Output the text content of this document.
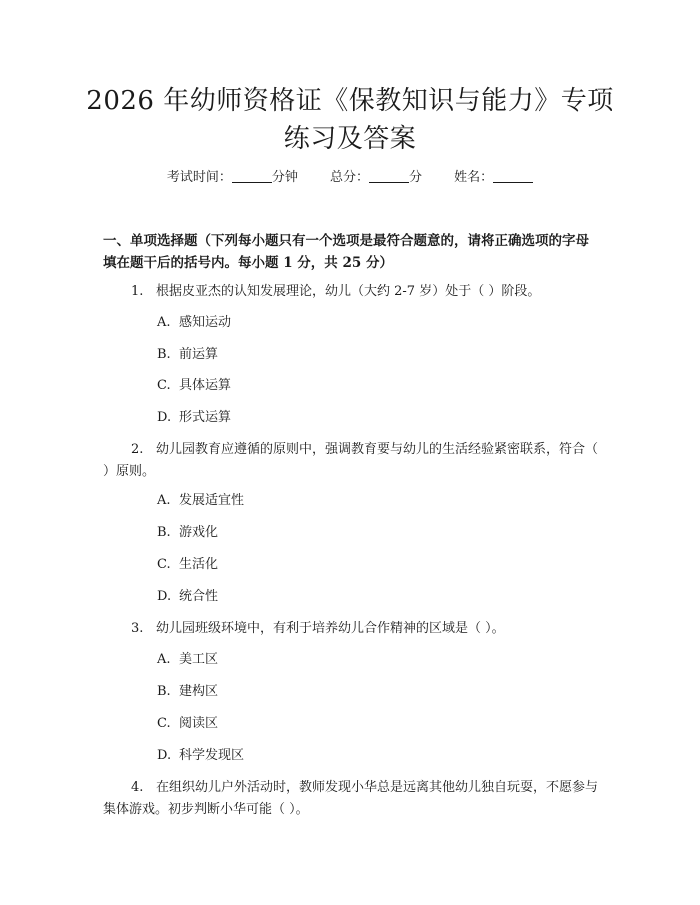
2026 年幼师资格证《保教知识与能力》专项
练习及答案
考试时间：	分钟 总分：	分 姓名：
一、单项选择题（下列每小题只有一个选项是最符合题意的，请将正确选项的字母填在题干后的括号内。每小题 1 分，共 25 分）
1. 根据皮亚杰的认知发展理论，幼儿（大约 2-7 岁）处于（ ）阶段。
A. 感知运动
B. 前运算
C. 具体运算
D. 形式运算
2. 幼儿园教育应遵循的原则中，强调教育要与幼儿的生活经验紧密联系，符合（ ）原则。
A. 发展适宜性
B. 游戏化
C. 生活化
D. 统合性
3. 幼儿园班级环境中，有利于培养幼儿合作精神的区域是（ ）。
A. 美工区
B. 建构区
C. 阅读区
D. 科学发现区
4. 在组织幼儿户外活动时，教师发现小华总是远离其他幼儿独自玩耍，不愿参与集体游戏。初步判断小华可能（ ）。
